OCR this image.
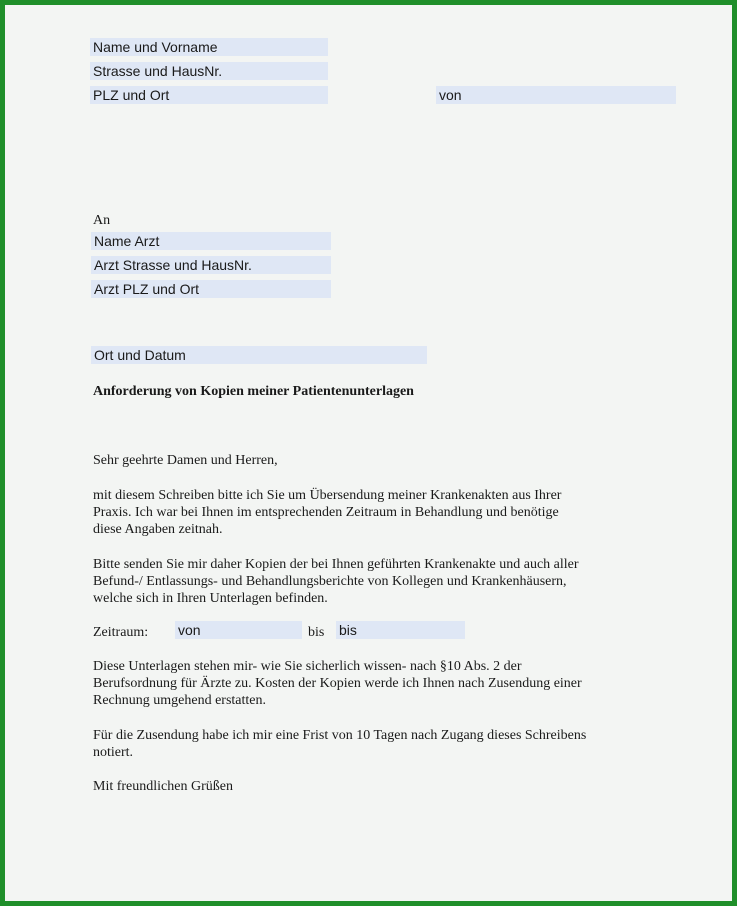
Name und Vorname
Strasse und HausNr.
PLZ und Ort	von
An
Name Arzt
Arzt Strasse und HausNr.
Arzt PLZ und Ort
Ort und Datum
Anforderung von Kopien meiner Patientenunterlagen
Sehr geehrte Damen und Herren,
mit diesem Schreiben bitte ich Sie um Übersendung meiner Krankenakten aus Ihrer
Praxis. Ich war bei Ihnen im entsprechenden Zeitraum in Behandlung und benötige
diese Angaben zeitnah.
Bitte senden Sie mir daher Kopien der bei Ihnen geführten Krankenakte und auch aller
Befund-/ Entlassungs- und Behandlungsberichte von Kollegen und Krankenhäusern,
welche sich in Ihren Unterlagen befinden.
Zeitraum: von	bis bis
Diese Unterlagen stehen mir- wie Sie sicherlich wissen- nach §10 Abs. 2 der
Berufsordnung für Ärzte zu. Kosten der Kopien werde ich Ihnen nach Zusendung einer
Rechnung umgehend erstatten.
Für die Zusendung habe ich mir eine Frist von 10 Tagen nach Zugang dieses Schreibens
notiert.
Mit freundlichen Grüßen
